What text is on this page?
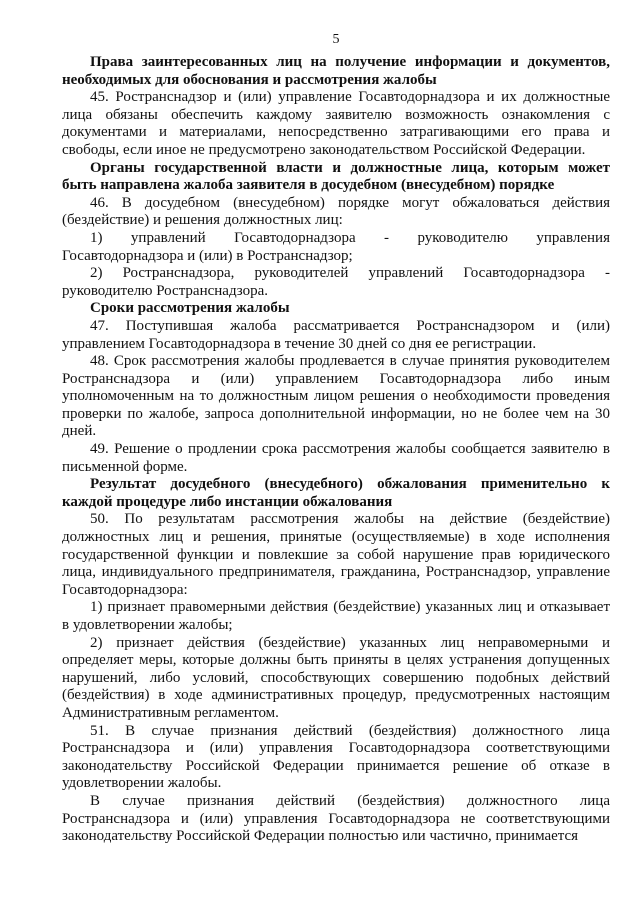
5
Права заинтересованных лиц на получение информации и документов,
необходимых для обоснования и рассмотрения жалобы
45. Ространснадзор и (или) управление Госавтодорнадзора и их должностные
лица обязаны обеспечить каждому заявителю возможность ознакомления с
документами и материалами, непосредственно затрагивающими его права и
свободы, если иное не предусмотрено законодательством Российской Федерации.
Органы государственной власти и должностные лица, которым может
быть направлена жалоба заявителя в досудебном (внесудебном) порядке
46. В досудебном (внесудебном) порядке могут обжаловаться действия
(бездействие) и решения должностных лиц:
1) управлений Госавтодорнадзора - руководителю управления
Госавтодорнадзора и (или) в Ространснадзор;
2) Ространснадзора, руководителей управлений Госавтодорнадзора -
руководителю Ространснадзора.
Сроки рассмотрения жалобы
47. Поступившая жалоба рассматривается Ространснадзором и (или)
управлением Госавтодорнадзора в течение 30 дней со дня ее регистрации.
48. Срок рассмотрения жалобы продлевается в случае принятия руководителем
Ространснадзора и (или) управлением Госавтодорнадзора либо иным
уполномоченным на то должностным лицом решения о необходимости проведения
проверки по жалобе, запроса дополнительной информации, но не более чем на 30
дней.
49. Решение о продлении срока рассмотрения жалобы сообщается заявителю в
письменной форме.
Результат досудебного (внесудебного) обжалования применительно к
каждой процедуре либо инстанции обжалования
50. По результатам рассмотрения жалобы на действие (бездействие)
должностных лиц и решения, принятые (осуществляемые) в ходе исполнения
государственной функции и повлекшие за собой нарушение прав юридического
лица, индивидуального предпринимателя, гражданина, Ространснадзор, управление
Госавтодорнадзора:
1) признает правомерными действия (бездействие) указанных лиц и отказывает
в удовлетворении жалобы;
2) признает действия (бездействие) указанных лиц неправомерными и
определяет меры, которые должны быть приняты в целях устранения допущенных
нарушений, либо условий, способствующих совершению подобных действий
(бездействия) в ходе административных процедур, предусмотренных настоящим
Административным регламентом.
51. В случае признания действий (бездействия) должностного лица
Ространснадзора и (или) управления Госавтодорнадзора соответствующими
законодательству Российской Федерации принимается решение об отказе в
удовлетворении жалобы.
В случае признания действий (бездействия) должностного лица
Ространснадзора и (или) управления Госавтодорнадзора не соответствующими
законодательству Российской Федерации полностью или частично, принимается
